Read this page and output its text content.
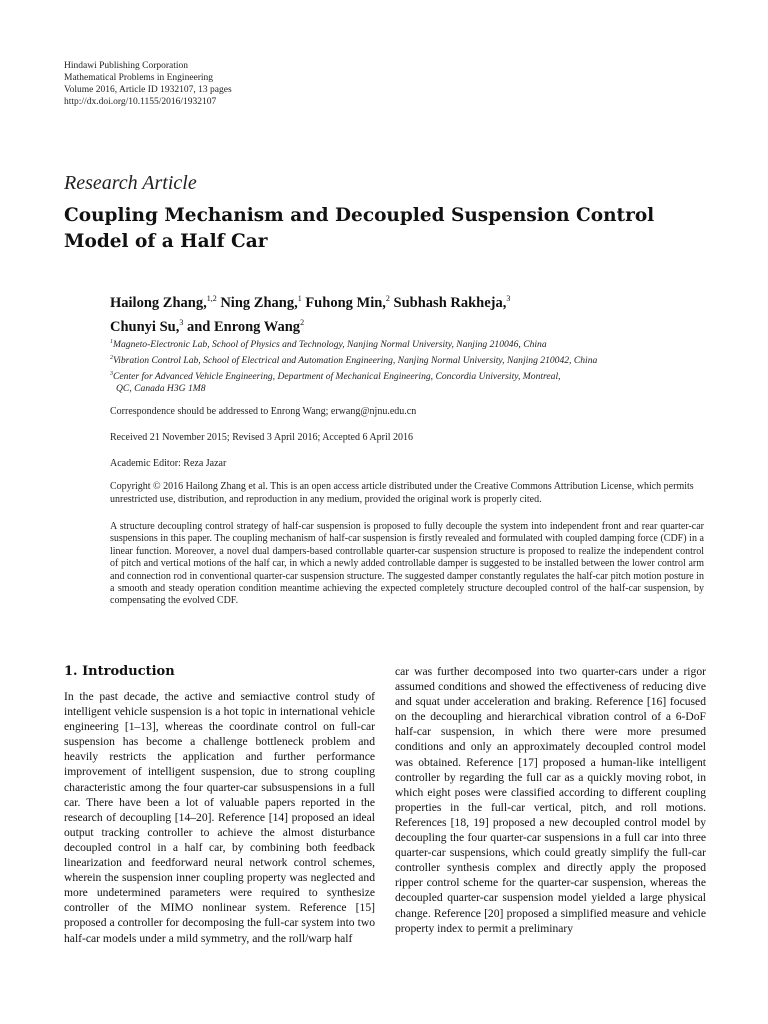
Hindawi Publishing Corporation
Mathematical Problems in Engineering
Volume 2016, Article ID 1932107, 13 pages
http://dx.doi.org/10.1155/2016/1932107
Research Article
Coupling Mechanism and Decoupled Suspension Control Model of a Half Car
Hailong Zhang,$^{1,2}$ Ning Zhang,$^1$ Fuhong Min,$^2$ Subhash Rakheja,$^3$
Chunyi Su,$^3$ and Enrong Wang$^2$
$^1$Magneto-Electronic Lab, School of Physics and Technology, Nanjing Normal University, Nanjing 210046, China
$^2$Vibration Control Lab, School of Electrical and Automation Engineering, Nanjing Normal University, Nanjing 210042, China
$^3$Center for Advanced Vehicle Engineering, Department of Mechanical Engineering, Concordia University, Montreal,
QC, Canada H3G 1M8
Correspondence should be addressed to Enrong Wang; erwang@njnu.edu.cn
Received 21 November 2015; Revised 3 April 2016; Accepted 6 April 2016
Academic Editor: Reza Jazar
Copyright © 2016 Hailong Zhang et al. This is an open access article distributed under the Creative Commons Attribution License, which permits unrestricted use, distribution, and reproduction in any medium, provided the original work is properly cited.
A structure decoupling control strategy of half-car suspension is proposed to fully decouple the system into independent front and rear quarter-car suspensions in this paper. The coupling mechanism of half-car suspension is firstly revealed and formulated with coupled damping force (CDF) in a linear function. Moreover, a novel dual dampers-based controllable quarter-car suspension structure is proposed to realize the independent control of pitch and vertical motions of the half car, in which a newly added controllable damper is suggested to be installed between the lower control arm and connection rod in conventional quarter-car suspension structure. The suggested damper constantly regulates the half-car pitch motion posture in a smooth and steady operation condition meantime achieving the expected completely structure decoupled control of the half-car suspension, by compensating the evolved CDF.
1. Introduction

In the past decade, the active and semiactive control study of intelligent vehicle suspension is a hot topic in international vehicle engineering [1–13], whereas the coordinate control on full-car suspension has become a challenge bottleneck problem and heavily restricts the application and further performance improvement of intelligent suspension, due to strong coupling characteristic among the four quarter-car subsuspensions in a full car. There have been a lot of valuable papers reported in the research of decoupling [14–20]. Reference [14] proposed an ideal output tracking controller to achieve the almost disturbance decoupled control in a half car, by combining both feedback linearization and feedforward neural network control schemes, wherein the suspension inner coupling property was neglected and more undetermined parameters were required to synthesize controller of the MIMO nonlinear system. Reference [15] proposed a controller for decomposing the full-car system into two half-car models under a mild symmetry, and the roll/warp half

car was further decomposed into two quarter-cars under a rigor assumed conditions and showed the effectiveness of reducing dive and squat under acceleration and braking. Reference [16] focused on the decoupling and hierarchical vibration control of a 6-DoF half-car suspension, in which there were more presumed conditions and only an approximately decoupled control model was obtained. Reference [17] proposed a human-like intelligent controller by regarding the full car as a quickly moving robot, in which eight poses were classified according to different coupling properties in the full-car vertical, pitch, and roll motions. References [18, 19] proposed a new decoupled control model by decoupling the four quarter-car suspensions in a full car into three quarter-car suspensions, which could greatly simplify the full-car controller synthesis complex and directly apply the proposed ripper control scheme for the quarter-car suspension, whereas the decoupled quarter-car suspension model yielded a large physical change. Reference [20] proposed a simplified measure and vehicle property index to permit a preliminary
